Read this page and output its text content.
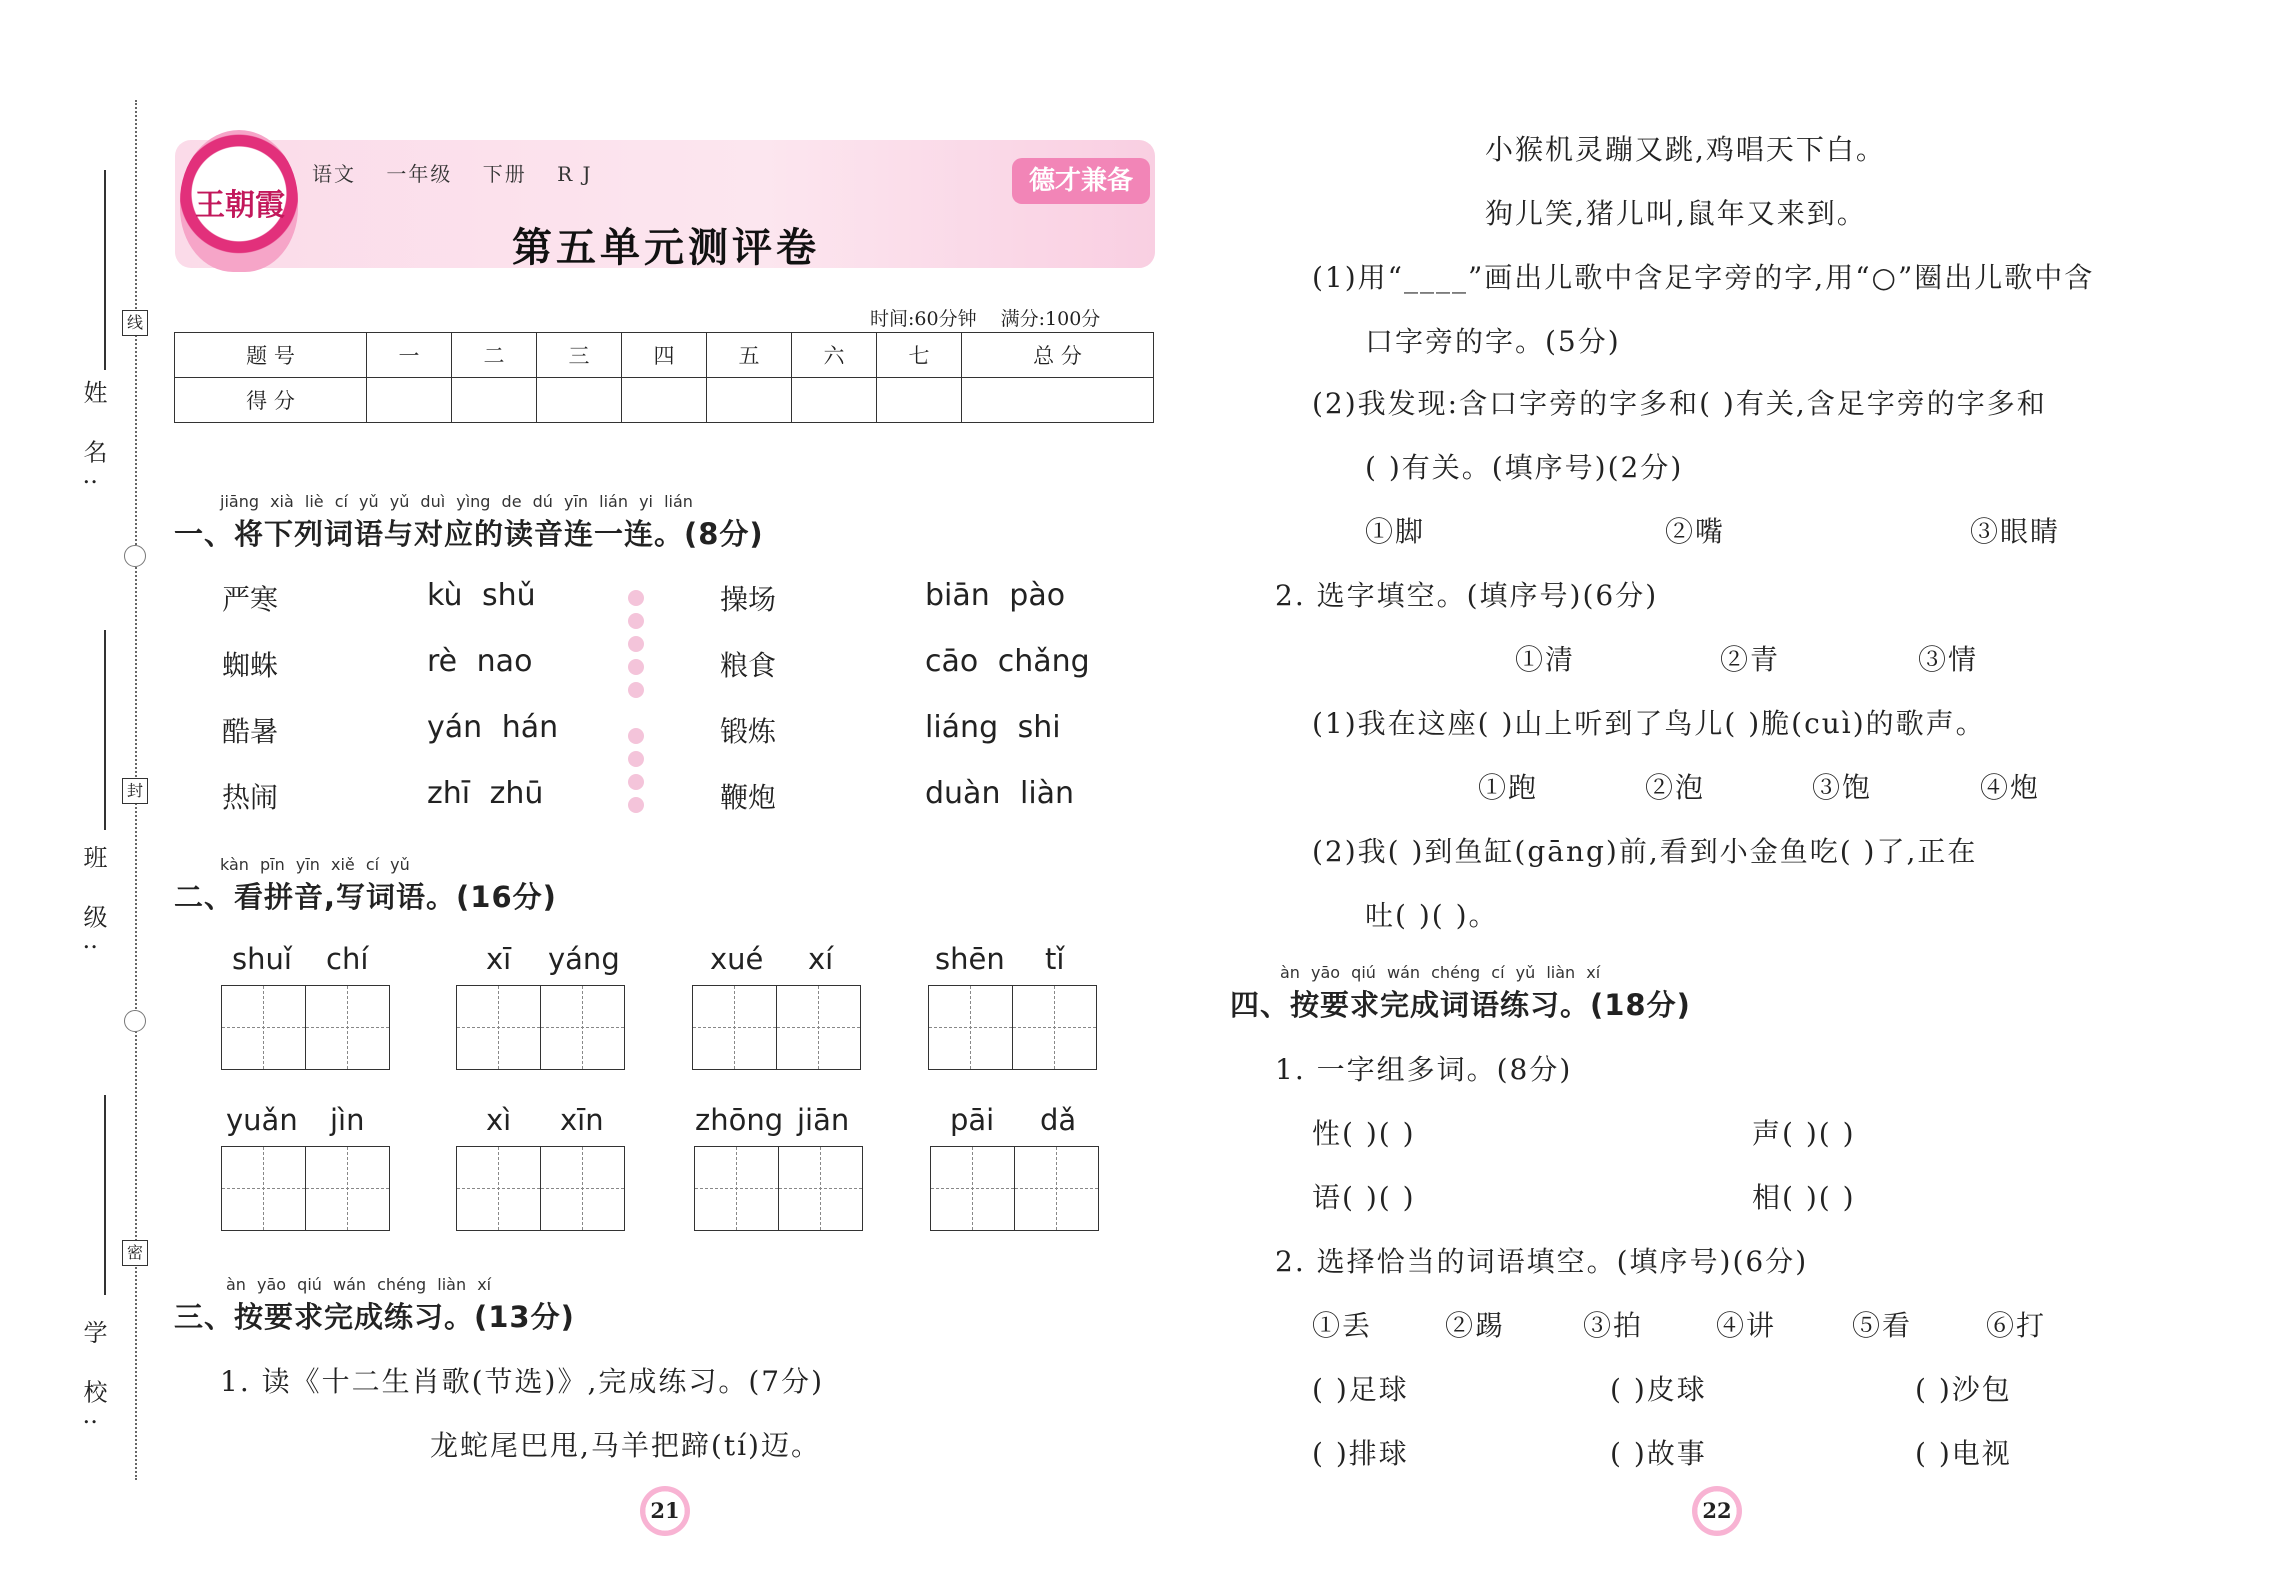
姓 名:
班 级:
学 校:
线
封
密
王朝霞
语文 一年级 下册 R J	德才兼备
第五单元测评卷
时间:60分钟 满分:100分
题 号	一	二	三	四	五	六	七	总 分
得 分								
jiāng xià liè cí yǔ yǔ duì yìng de dú yīn lián yi lián
一、将下列词语与对应的读音连一连。(8分)
严寒	kù shǔ	操场	biān pào
蜘蛛	rè nao	粮食	cāo chǎng
酷暑	yán hán	锻炼	liáng shi
热闹	zhī zhū	鞭炮	duàn liàn
kàn pīn yīn xiě cí yǔ
二、看拼音,写词语。(16分)
shuǐ chí	xī yáng	xué xí	shēn tǐ
yuǎn jìn	xì xīn	zhōng jiān	pāi dǎ
àn yāo qiú wán chéng liàn xí
三、按要求完成练习。(13分)
1. 读《十二生肖歌(节选)》,完成练习。(7分)
龙蛇尾巴甩,马羊把蹄(tí)迈。
21
小猴机灵蹦又跳,鸡唱天下白。
狗儿笑,猪儿叫,鼠年又来到。
(1)用“____”画出儿歌中含足字旁的字,用“○”圈出儿歌中含
口字旁的字。(5分)
(2)我发现:含口字旁的字多和( )有关,含足字旁的字多和
( )有关。(填序号)(2分)
①脚	②嘴	③眼睛
2. 选字填空。(填序号)(6分)
①清	②青	③情
(1)我在这座( )山上听到了鸟儿( )脆(cuì)的歌声。
①跑	②泡	③饱	④炮
(2)我( )到鱼缸(gāng)前,看到小金鱼吃( )了,正在
吐( )( )。
àn yāo qiú wán chéng cí yǔ liàn xí
四、按要求完成词语练习。(18分)
1. 一字组多词。(8分)
性( )( )	声( )( )
语( )( )	相( )( )
2. 选择恰当的词语填空。(填序号)(6分)
①丢	②踢	③拍	④讲	⑤看	⑥打
( )足球	( )皮球	( )沙包
( )排球	( )故事	( )电视
22
